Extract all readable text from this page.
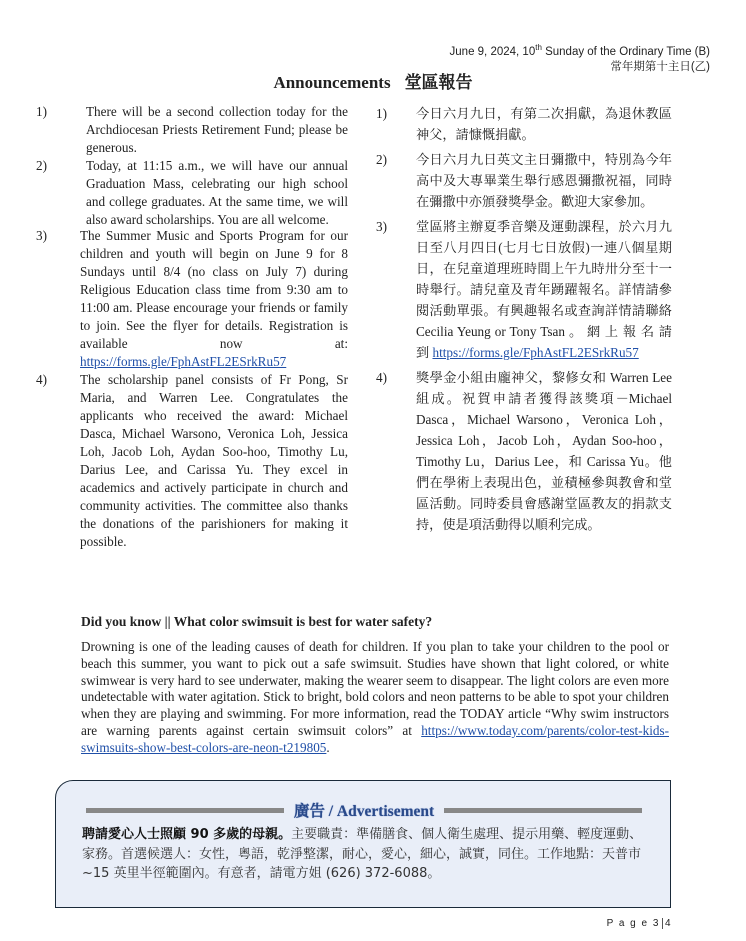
June 9, 2024, 10th Sunday of the Ordinary Time (B)
常年期第十主日(乙)
Announcements 堂區報告
1)	There will be a second collection today for the Archdiocesan Priests Retirement Fund; please be generous.
2)	Today, at 11:15 a.m., we will have our annual Graduation Mass, celebrating our high school and college graduates. At the same time, we will also award scholarships. You are all welcome.
3)	The Summer Music and Sports Program for our children and youth will begin on June 9 for 8 Sundays until 8/4 (no class on July 7) during Religious Education class time from 9:30 am to 11:00 am. Please encourage your friends or family to join. See the flyer for details. Registration is available now at: https://forms.gle/FphAstFL2ESrkRu57
4)	The scholarship panel consists of Fr Pong, Sr Maria, and Warren Lee. Congratulates the applicants who received the award: Michael Dasca, Michael Warsono, Veronica Loh, Jessica Loh, Jacob Loh, Aydan Soo-hoo, Timothy Lu, Darius Lee, and Carissa Yu. They excel in academics and actively participate in church and community activities. The committee also thanks the donations of the parishioners for making it possible.
1)	今日六月九日，有第二次捐獻，為退休教區神父，請慷慨捐獻。
2)	今日六月九日英文主日彌撒中，特別為今年高中及大專畢業生舉行感恩彌撒祝福，同時在彌撒中亦頒發獎學金。歡迎大家參加。
3)	堂區將主辦夏季音樂及運動課程，於六月九日至八月四日(七月七日放假)一連八個星期日，在兒童道理班時間上午九時卅分至十一時舉行。請兒童及青年踴躍報名。詳情請參閱活動單張。有興趣報名或查詢詳情請聯絡 Cecilia Yeung or Tony Tsan 。 網 上 報 名 請 到 https://forms.gle/FphAstFL2ESrkRu57
4)	獎學金小組由龐神父，黎修女和 Warren Lee 組成。祝賀申請者獲得該獎項－Michael Dasca，Michael Warsono，Veronica Loh，Jessica Loh，Jacob Loh，Aydan Soo-hoo，Timothy Lu，Darius Lee，和 Carissa Yu。他們在學術上表現出色，並積極參與教會和堂區活動。同時委員會感謝堂區教友的捐款支持，使是項活動得以順利完成。
Did you know || What color swimsuit is best for water safety?
Drowning is one of the leading causes of death for children. If you plan to take your children to the pool or beach this summer, you want to pick out a safe swimsuit. Studies have shown that light colored, or white swimwear is very hard to see underwater, making the wearer seem to disappear. The light colors are even more undetectable with water agitation. Stick to bright, bold colors and neon patterns to be able to spot your children when they are playing and swimming. For more information, read the TODAY article “Why swim instructors are warning parents against certain swimsuit colors” at https://www.today.com/parents/color-test-kids-swimsuits-show-best-colors-are-neon-t219805.
廣告 / Advertisement
聘請愛心人士照顧 90 多歲的母親。主要職責：準備膳食、個人衛生處理、提示用藥、輕度運動、家務。首選候選人：女性，粵語，乾淨整潔，耐心，愛心，細心，誠實，同住。工作地點：天普市 ~15 英里半徑範圍內。有意者，請電方姐 (626) 372-6088。
P a g e 3 4
